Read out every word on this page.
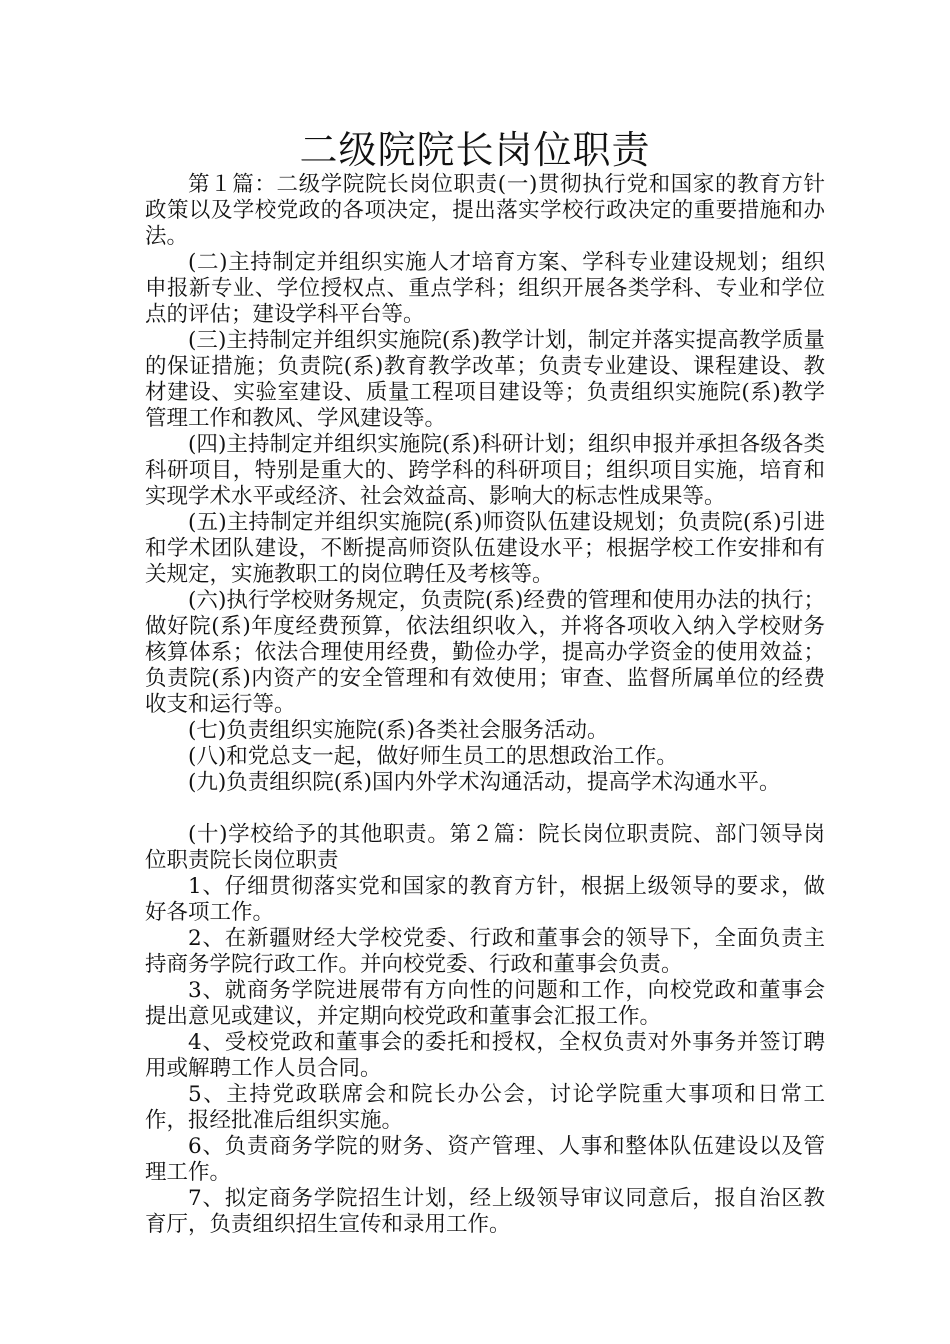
二级院院长岗位职责

第１篇：二级学院院长岗位职责(一)贯彻执行党和国家的教育方针政策以及学校党政的各项决定，提出落实学校行政决定的重要措施和办法。

(二)主持制定并组织实施人才培育方案、学科专业建设规划；组织申报新专业、学位授权点、重点学科；组织开展各类学科、专业和学位点的评估；建设学科平台等。

(三)主持制定并组织实施院(系)教学计划，制定并落实提高教学质量的保证措施；负责院(系)教育教学改革；负责专业建设、课程建设、教材建设、实验室建设、质量工程项目建设等；负责组织实施院(系)教学管理工作和教风、学风建设等。

(四)主持制定并组织实施院(系)科研计划；组织申报并承担各级各类科研项目，特别是重大的、跨学科的科研项目；组织项目实施，培育和实现学术水平或经济、社会效益高、影响大的标志性成果等。

(五)主持制定并组织实施院(系)师资队伍建设规划；负责院(系)引进和学术团队建设，不断提高师资队伍建设水平；根据学校工作安排和有关规定，实施教职工的岗位聘任及考核等。

(六)执行学校财务规定，负责院(系)经费的管理和使用办法的执行；做好院(系)年度经费预算，依法组织收入，并将各项收入纳入学校财务核算体系；依法合理使用经费，勤俭办学，提高办学资金的使用效益；负责院(系)内资产的安全管理和有效使用；审查、监督所属单位的经费收支和运行等。

(七)负责组织实施院(系)各类社会服务活动。

(八)和党总支一起，做好师生员工的思想政治工作。

(九)负责组织院(系)国内外学术沟通活动，提高学术沟通水平。

(十)学校给予的其他职责。第２篇：院长岗位职责院、部门领导岗位职责院长岗位职责

1、仔细贯彻落实党和国家的教育方针，根据上级领导的要求，做好各项工作。

2、在新疆财经大学校党委、行政和董事会的领导下，全面负责主持商务学院行政工作。并向校党委、行政和董事会负责。

3、就商务学院进展带有方向性的问题和工作，向校党政和董事会提出意见或建议，并定期向校党政和董事会汇报工作。

4、受校党政和董事会的委托和授权，全权负责对外事务并签订聘用或解聘工作人员合同。

5、主持党政联席会和院长办公会，讨论学院重大事项和日常工作，报经批准后组织实施。

6、负责商务学院的财务、资产管理、人事和整体队伍建设以及管理工作。

7、拟定商务学院招生计划，经上级领导审议同意后，报自治区教育厅，负责组织招生宣传和录用工作。
